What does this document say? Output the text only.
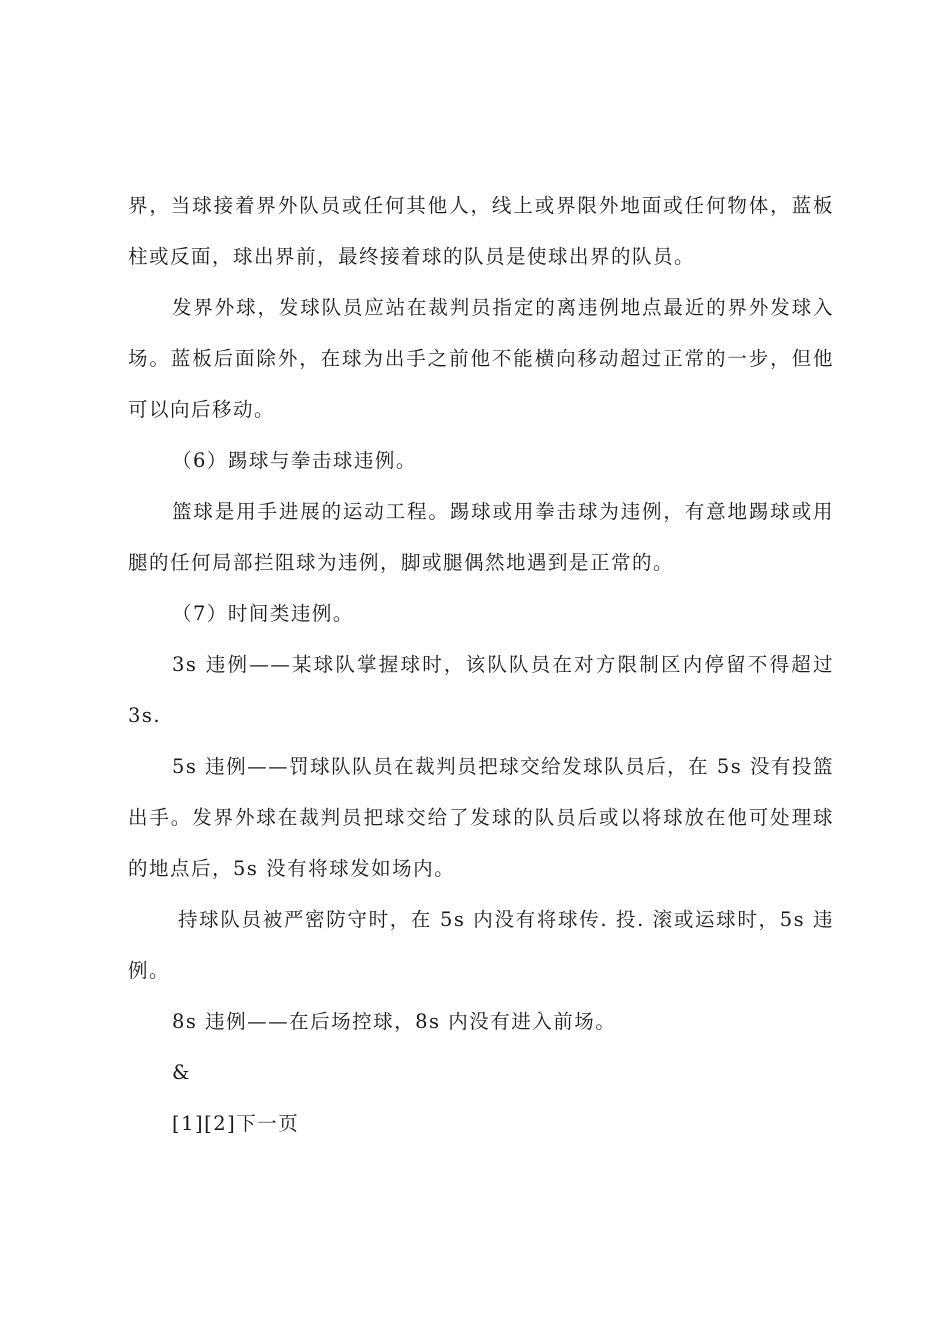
界，当球接着界外队员或任何其他人，线上或界限外地面或任何物体，蓝板柱或反面，球出界前，最终接着球的队员是使球出界的队员。

发界外球，发球队员应站在裁判员指定的离违例地点最近的界外发球入场。蓝板后面除外，在球为出手之前他不能横向移动超过正常的一步，但他可以向后移动。

（6）踢球与拳击球违例。

篮球是用手进展的运动工程。踢球或用拳击球为违例，有意地踢球或用腿的任何局部拦阻球为违例，脚或腿偶然地遇到是正常的。

（7）时间类违例。

3s 违例——某球队掌握球时，该队队员在对方限制区内停留不得超过 3s.

5s 违例——罚球队队员在裁判员把球交给发球队员后，在 5s 没有投篮出手。发界外球在裁判员把球交给了发球的队员后或以将球放在他可处理球的地点后，5s 没有将球发如场内。

持球队员被严密防守时，在 5s 内没有将球传. 投. 滚或运球时，5s 违例。

8s 违例——在后场控球，8s 内没有进入前场。

&

[1][2]下一页
